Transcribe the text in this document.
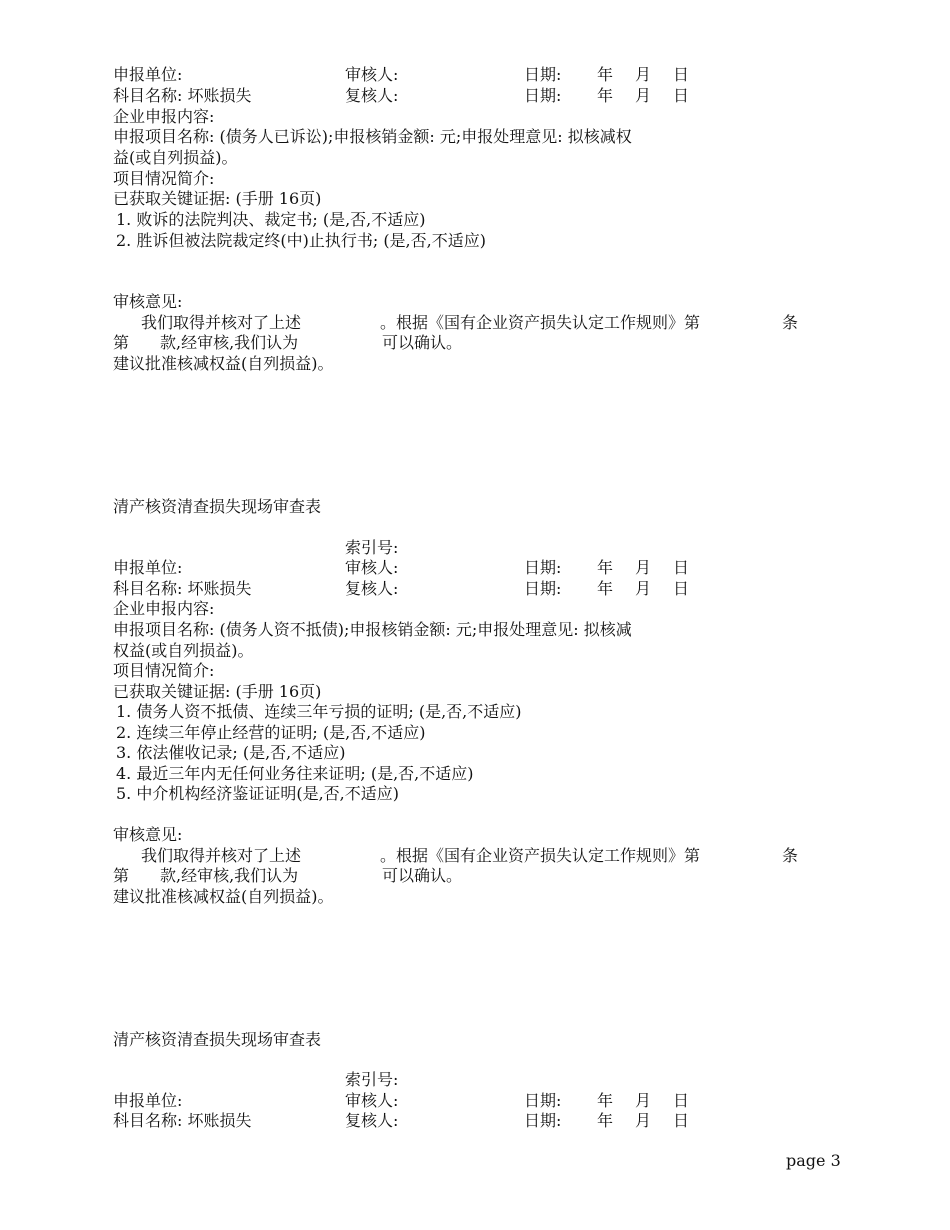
申报单位:	审核人:	日期: 年 月 日
科目名称: 坏账损失	复核人:	日期: 年 月 日
企业申报内容:
申报项目名称: (债务人已诉讼);申报核销金额: 元;申报处理意见: 拟核减权
益(或自列损益)。
项目情况简介:
已获取关键证据: (手册 16页)
1. 败诉的法院判决、裁定书; (是,否,不适应)
2. 胜诉但被法院裁定终(中)止执行书; (是,否,不适应)
审核意见:
我们取得并核对了上述	。根据《国有企业资产损失认定工作规则》第	条
第 款,经审核,我们认为	可以确认。
建议批准核减权益(自列损益)。
清产核资清查损失现场审查表
索引号:
申报单位:	审核人:	日期: 年 月 日
科目名称: 坏账损失	复核人:	日期: 年 月 日
企业申报内容:
申报项目名称: (债务人资不抵债);申报核销金额: 元;申报处理意见: 拟核减
权益(或自列损益)。
项目情况简介:
已获取关键证据: (手册 16页)
1. 债务人资不抵债、连续三年亏损的证明; (是,否,不适应)
2. 连续三年停止经营的证明; (是,否,不适应)
3. 依法催收记录; (是,否,不适应)
4. 最近三年内无任何业务往来证明; (是,否,不适应)
5. 中介机构经济鉴证证明(是,否,不适应)
审核意见:
我们取得并核对了上述	。根据《国有企业资产损失认定工作规则》第	条
第 款,经审核,我们认为	可以确认。
建议批准核减权益(自列损益)。
清产核资清查损失现场审查表
索引号:
申报单位:	审核人:	日期: 年 月 日
科目名称: 坏账损失	复核人:	日期: 年 月 日
page 3
